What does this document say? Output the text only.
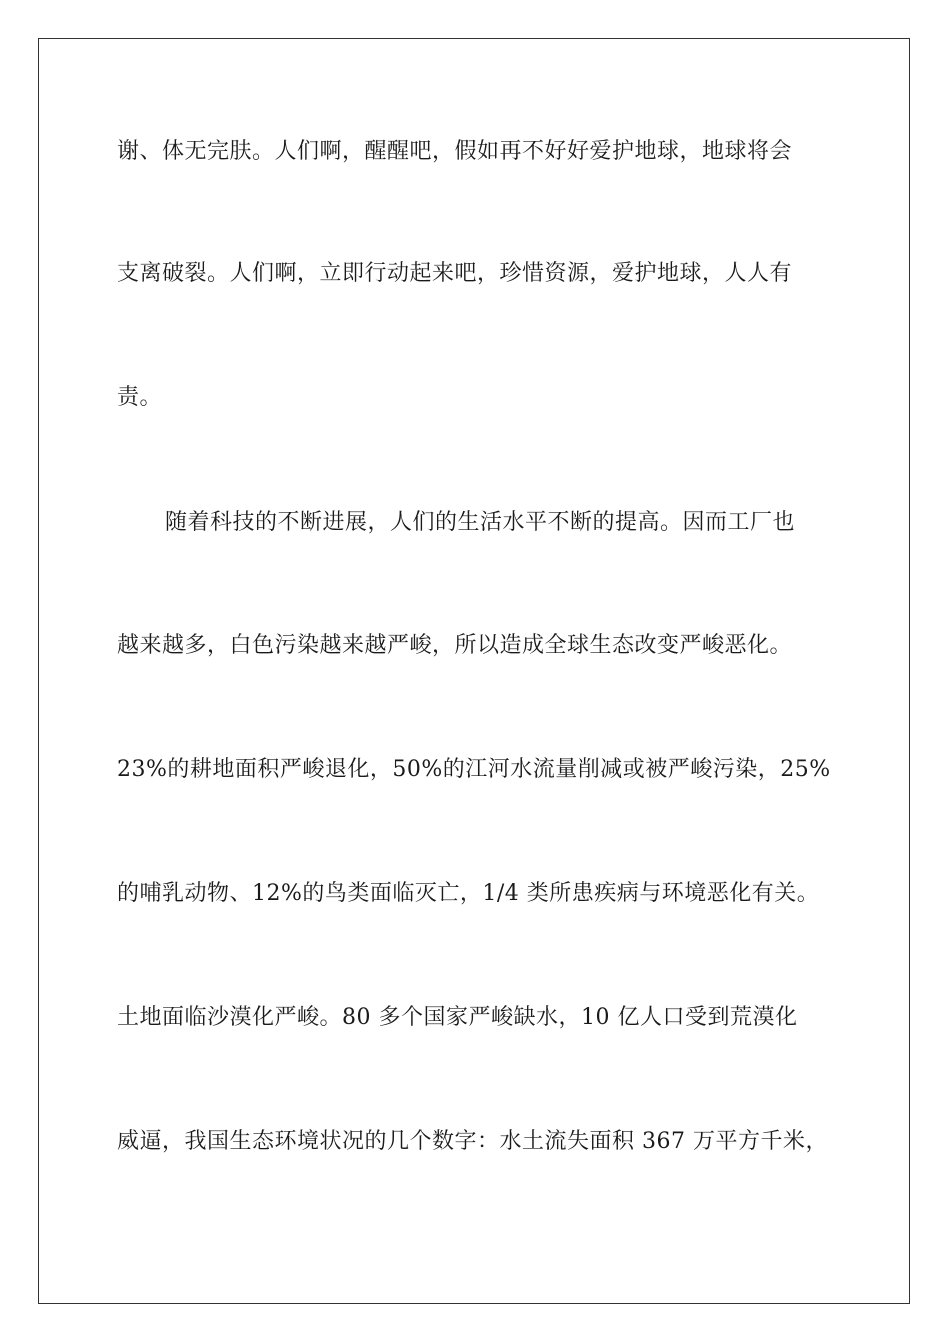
谢、体无完肤。人们啊，醒醒吧，假如再不好好爱护地球，地球将会
支离破裂。人们啊，立即行动起来吧，珍惜资源，爱护地球，人人有
责。
随着科技的不断进展，人们的生活水平不断的提高。因而工厂也
越来越多，白色污染越来越严峻，所以造成全球生态改变严峻恶化。
23%的耕地面积严峻退化，50%的江河水流量削减或被严峻污染，25%
的哺乳动物、12%的鸟类面临灭亡，1/4 类所患疾病与环境恶化有关。
土地面临沙漠化严峻。80 多个国家严峻缺水，10 亿人口受到荒漠化
威逼，我国生态环境状况的几个数字：水土流失面积 367 万平方千米，
